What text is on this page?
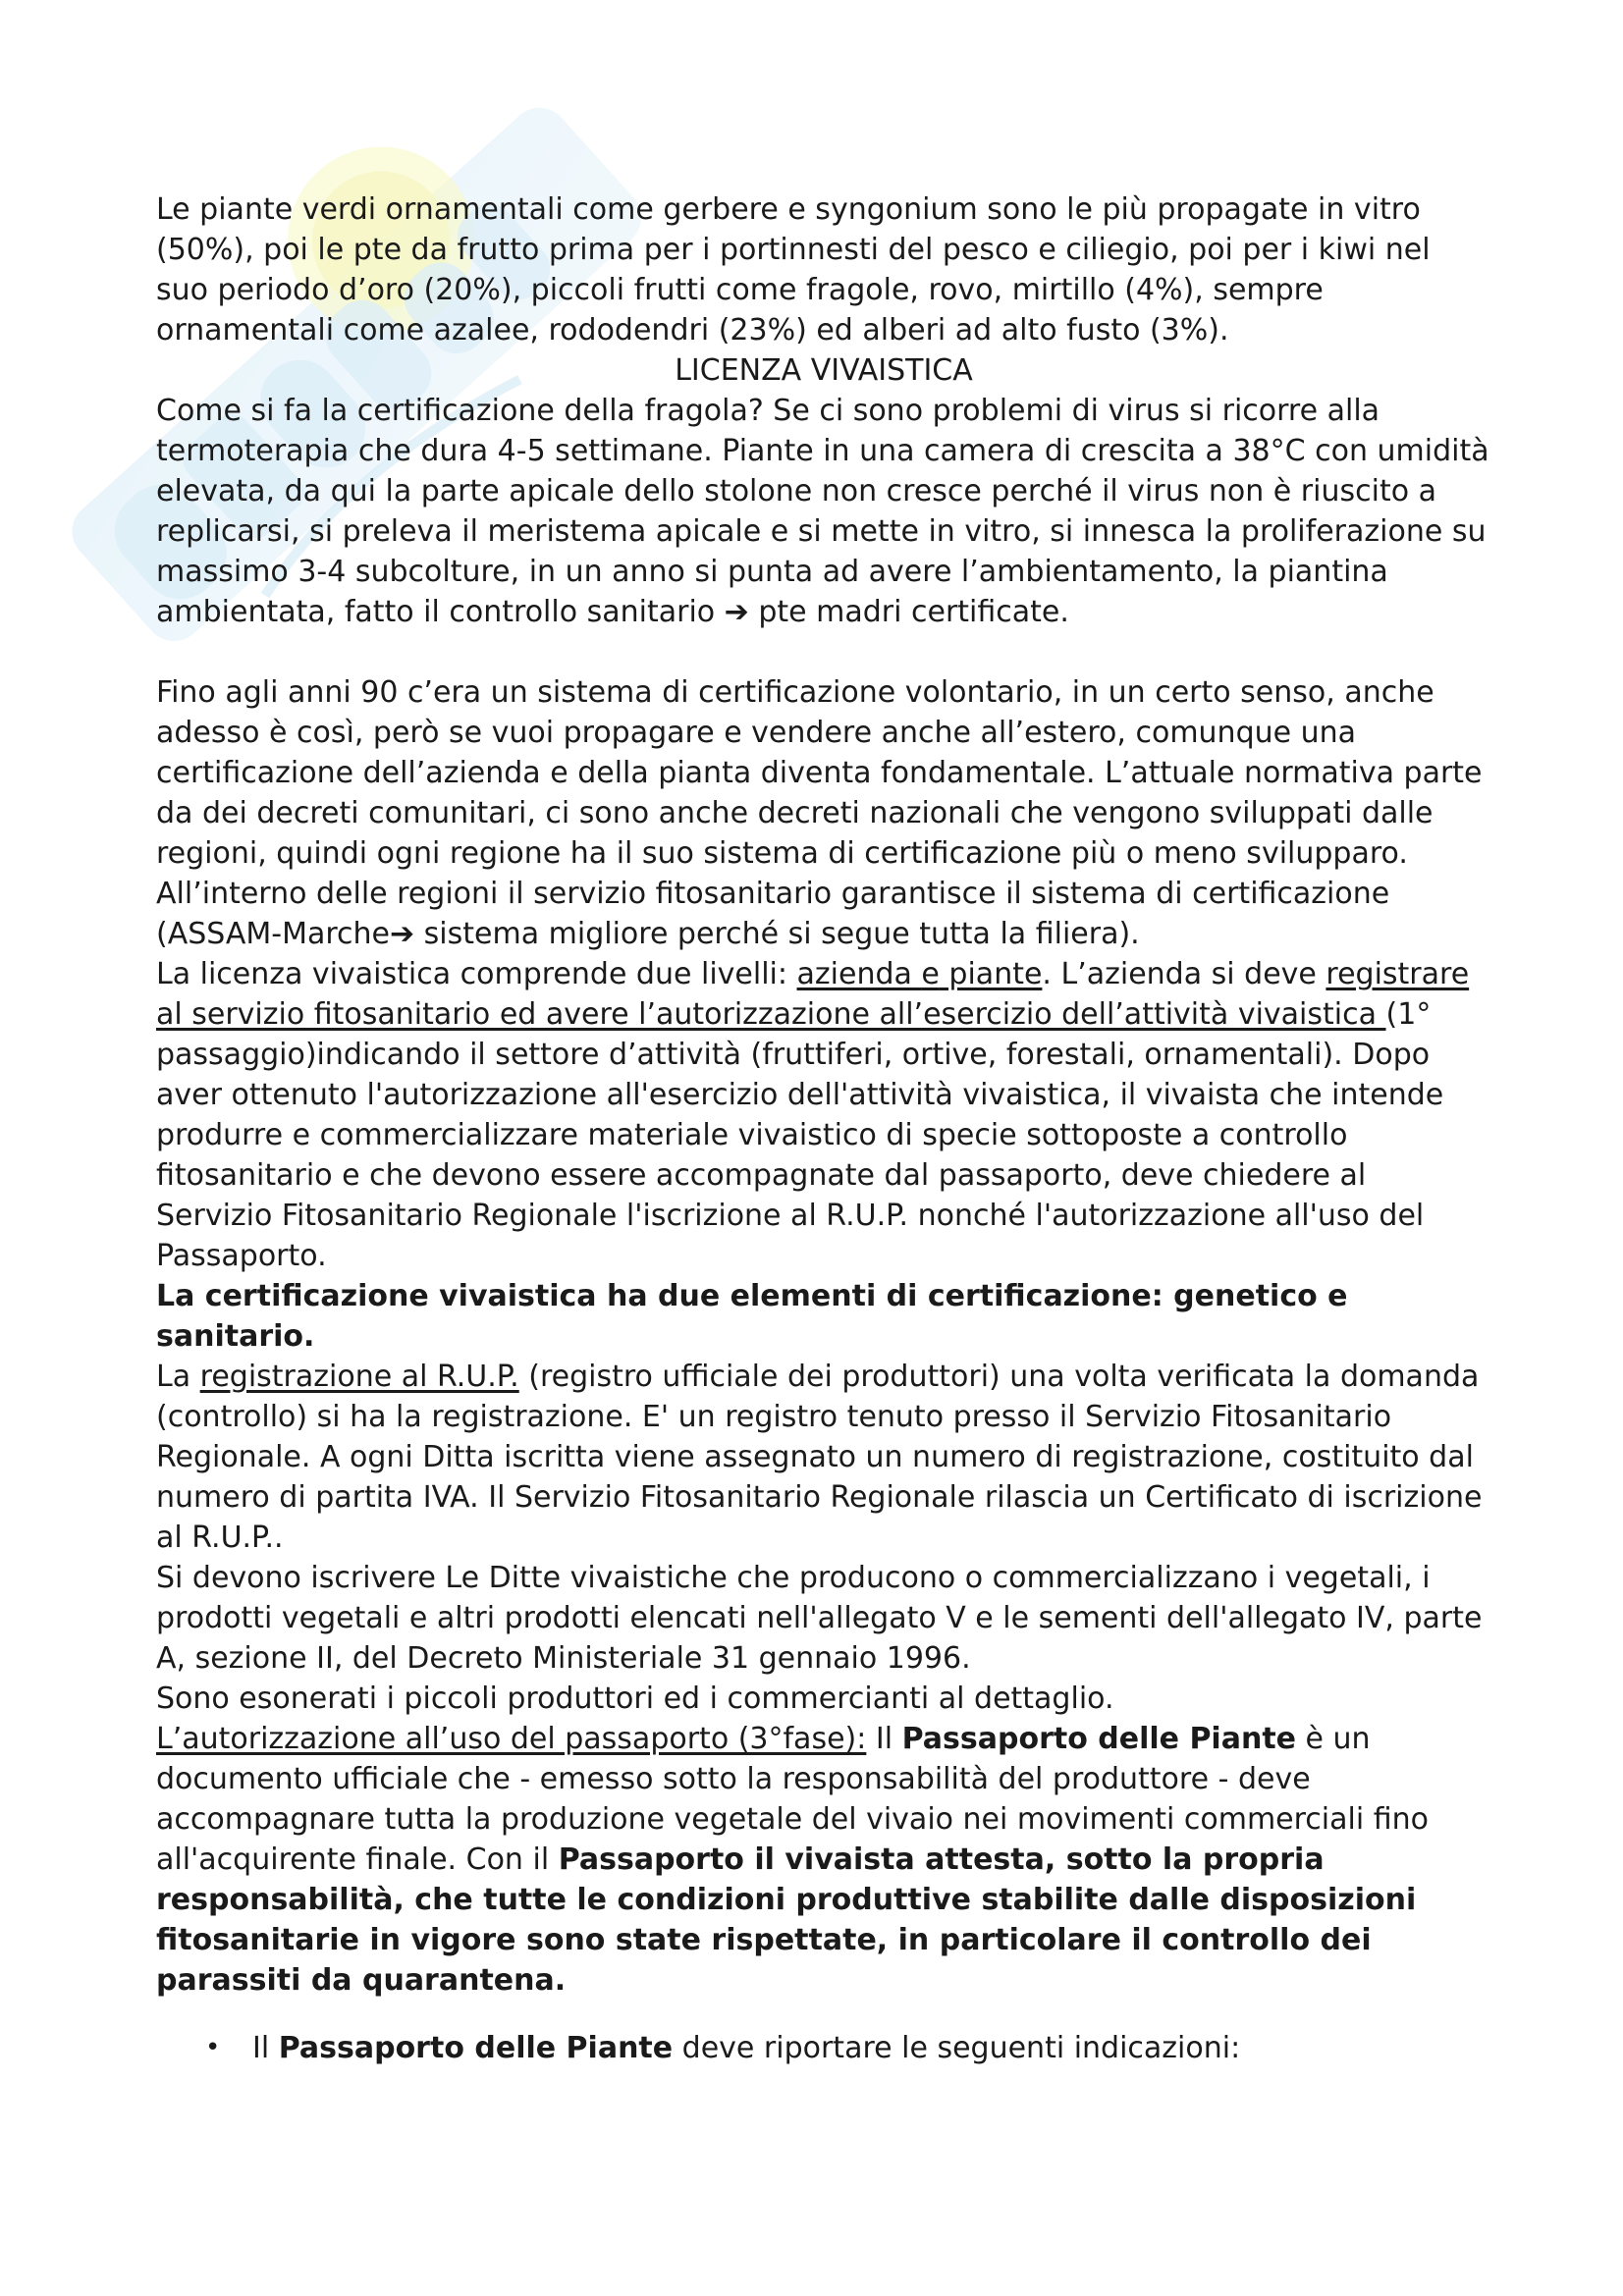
Le piante verdi ornamentali come gerbere e syngonium sono le più propagate in vitro (50%), poi le pte da frutto prima per i portinnesti del pesco e ciliegio, poi per i kiwi nel suo periodo d’oro (20%), piccoli frutti come fragole, rovo, mirtillo (4%), sempre ornamentali come azalee, rododendri (23%) ed alberi ad alto fusto (3%).

LICENZA VIVAISTICA

Come si fa la certificazione della fragola? Se ci sono problemi di virus si ricorre alla termoterapia che dura 4-5 settimane. Piante in una camera di crescita a 38°C con umidità elevata, da qui la parte apicale dello stolone non cresce perché il virus non è riuscito a replicarsi, si preleva il meristema apicale e si mette in vitro, si innesca la proliferazione su massimo 3-4 subcolture, in un anno si punta ad avere l’ambientamento, la piantina ambientata, fatto il controllo sanitario ➔ pte madri certificate.

Fino agli anni 90 c’era un sistema di certificazione volontario, in un certo senso, anche adesso è così, però se vuoi propagare e vendere anche all’estero, comunque una certificazione dell’azienda e della pianta diventa fondamentale. L’attuale normativa parte da dei decreti comunitari, ci sono anche decreti nazionali che vengono sviluppati dalle regioni, quindi ogni regione ha il suo sistema di certificazione più o meno svilupparo. All’interno delle regioni il servizio fitosanitario garantisce il sistema di certificazione (ASSAM-Marche➔ sistema migliore perché si segue tutta la filiera).

La licenza vivaistica comprende due livelli: azienda e piante. L’azienda si deve registrare al servizio fitosanitario ed avere l’autorizzazione all’esercizio dell’attività vivaistica (1° passaggio)indicando il settore d’attività (fruttiferi, ortive, forestali, ornamentali). Dopo aver ottenuto l'autorizzazione all'esercizio dell'attività vivaistica, il vivaista che intende produrre e commercializzare materiale vivaistico di specie sottoposte a controllo fitosanitario e che devono essere accompagnate dal passaporto, deve chiedere al Servizio Fitosanitario Regionale l'iscrizione al R.U.P. nonché l'autorizzazione all'uso del Passaporto.

La certificazione vivaistica ha due elementi di certificazione: genetico e sanitario.

La registrazione al R.U.P. (registro ufficiale dei produttori) una volta verificata la domanda (controllo) si ha la registrazione. E' un registro tenuto presso il Servizio Fitosanitario Regionale. A ogni Ditta iscritta viene assegnato un numero di registrazione, costituito dal numero di partita IVA. Il Servizio Fitosanitario Regionale rilascia un Certificato di iscrizione al R.U.P..

Si devono iscrivere Le Ditte vivaistiche che producono o commercializzano i vegetali, i prodotti vegetali e altri prodotti elencati nell'allegato V e le sementi dell'allegato IV, parte A, sezione II, del Decreto Ministeriale 31 gennaio 1996.

Sono esonerati i piccoli produttori ed i commercianti al dettaglio.

L’autorizzazione all’uso del passaporto (3°fase): Il Passaporto delle Piante è un documento ufficiale che - emesso sotto la responsabilità del produttore - deve accompagnare tutta la produzione vegetale del vivaio nei movimenti commerciali fino all'acquirente finale. Con il Passaporto il vivaista attesta, sotto la propria responsabilità, che tutte le condizioni produttive stabilite dalle disposizioni fitosanitarie in vigore sono state rispettate, in particolare il controllo dei parassiti da quarantena.

• Il Passaporto delle Piante deve riportare le seguenti indicazioni:
